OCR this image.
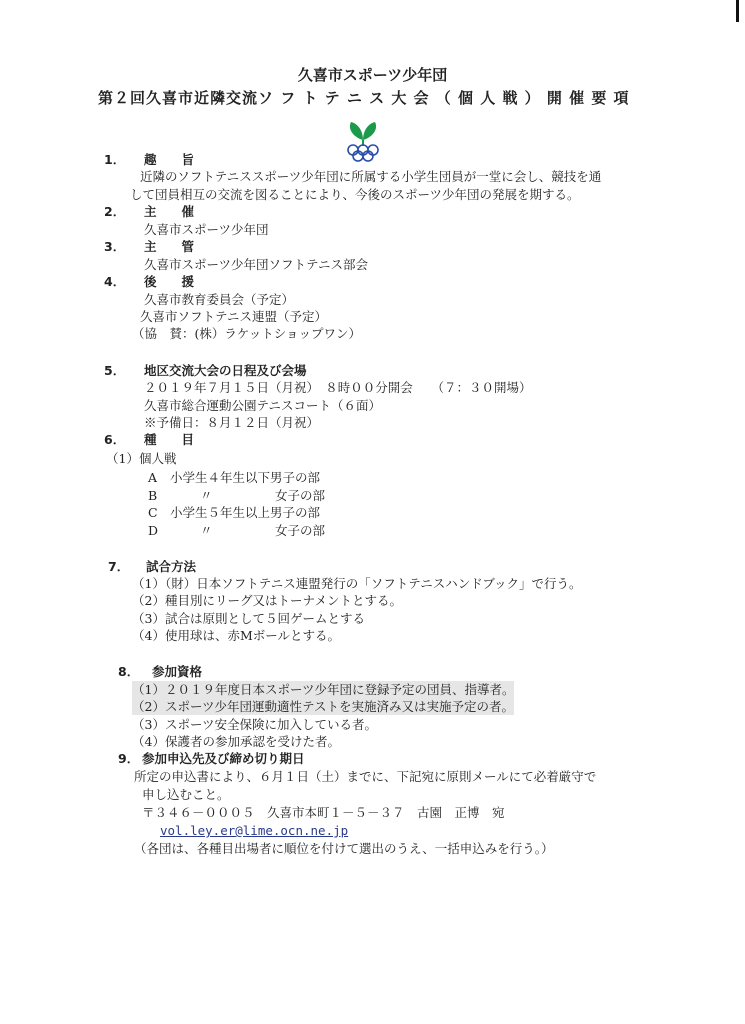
久喜市スポーツ少年団
第２回久喜市近隣交流ソ フ ト テ ニ ス 大 会 （ 個 人 戦 ） 開 催 要 項
1． 趣　　旨
近隣のソフトテニススポーツ少年団に所属する小学生団員が一堂に会し、競技を通
して団員相互の交流を図ることにより、今後のスポーツ少年団の発展を期する。
2． 主　　催
久喜市スポーツ少年団
3． 主　　管
久喜市スポーツ少年団ソフトテニス部会
4． 後　　援
久喜市教育委員会（予定）
久喜市ソフトテニス連盟（予定）
（協　賛：(株）ラケットショップワン）
5． 地区交流大会の日程及び会場
２０１９年７月１５日（月祝）　８時００分開会　　（７：３０開場）
久喜市総合運動公園テニスコート（６面）
※予備日：８月１２日（月祝）
6． 種　　目
（1）個人戦
A 小学生４年生以下男子の部
B	〃　　　　　女子の部
C 小学生５年生以上男子の部
D	〃　　　　　女子の部
7． 試合方法
（1）（財）日本ソフトテニス連盟発行の「ソフトテニスハンドブック」で行う。
（2）種目別にリーグ又はトーナメントとする。
（3）試合は原則として５回ゲームとする
（4）使用球は、赤Mボールとする。
8． 参加資格
（1）２０１９年度日本スポーツ少年団に登録予定の団員、指導者。
（2）スポーツ少年団運動適性テストを実施済み又は実施予定の者。
（3）スポーツ安全保険に加入している者。
（4）保護者の参加承認を受けた者。
9． 参加申込先及び締め切り期日
所定の申込書により、６月１日（土）までに、下記宛に原則メールにて必着厳守で
申し込むこと。
〒３４６－０００５　久喜市本町１－５－３７　古園　正博　宛
vol.ley.er@lime.ocn.ne.jp
（各団は、各種目出場者に順位を付けて選出のうえ、一括申込みを行う。）
